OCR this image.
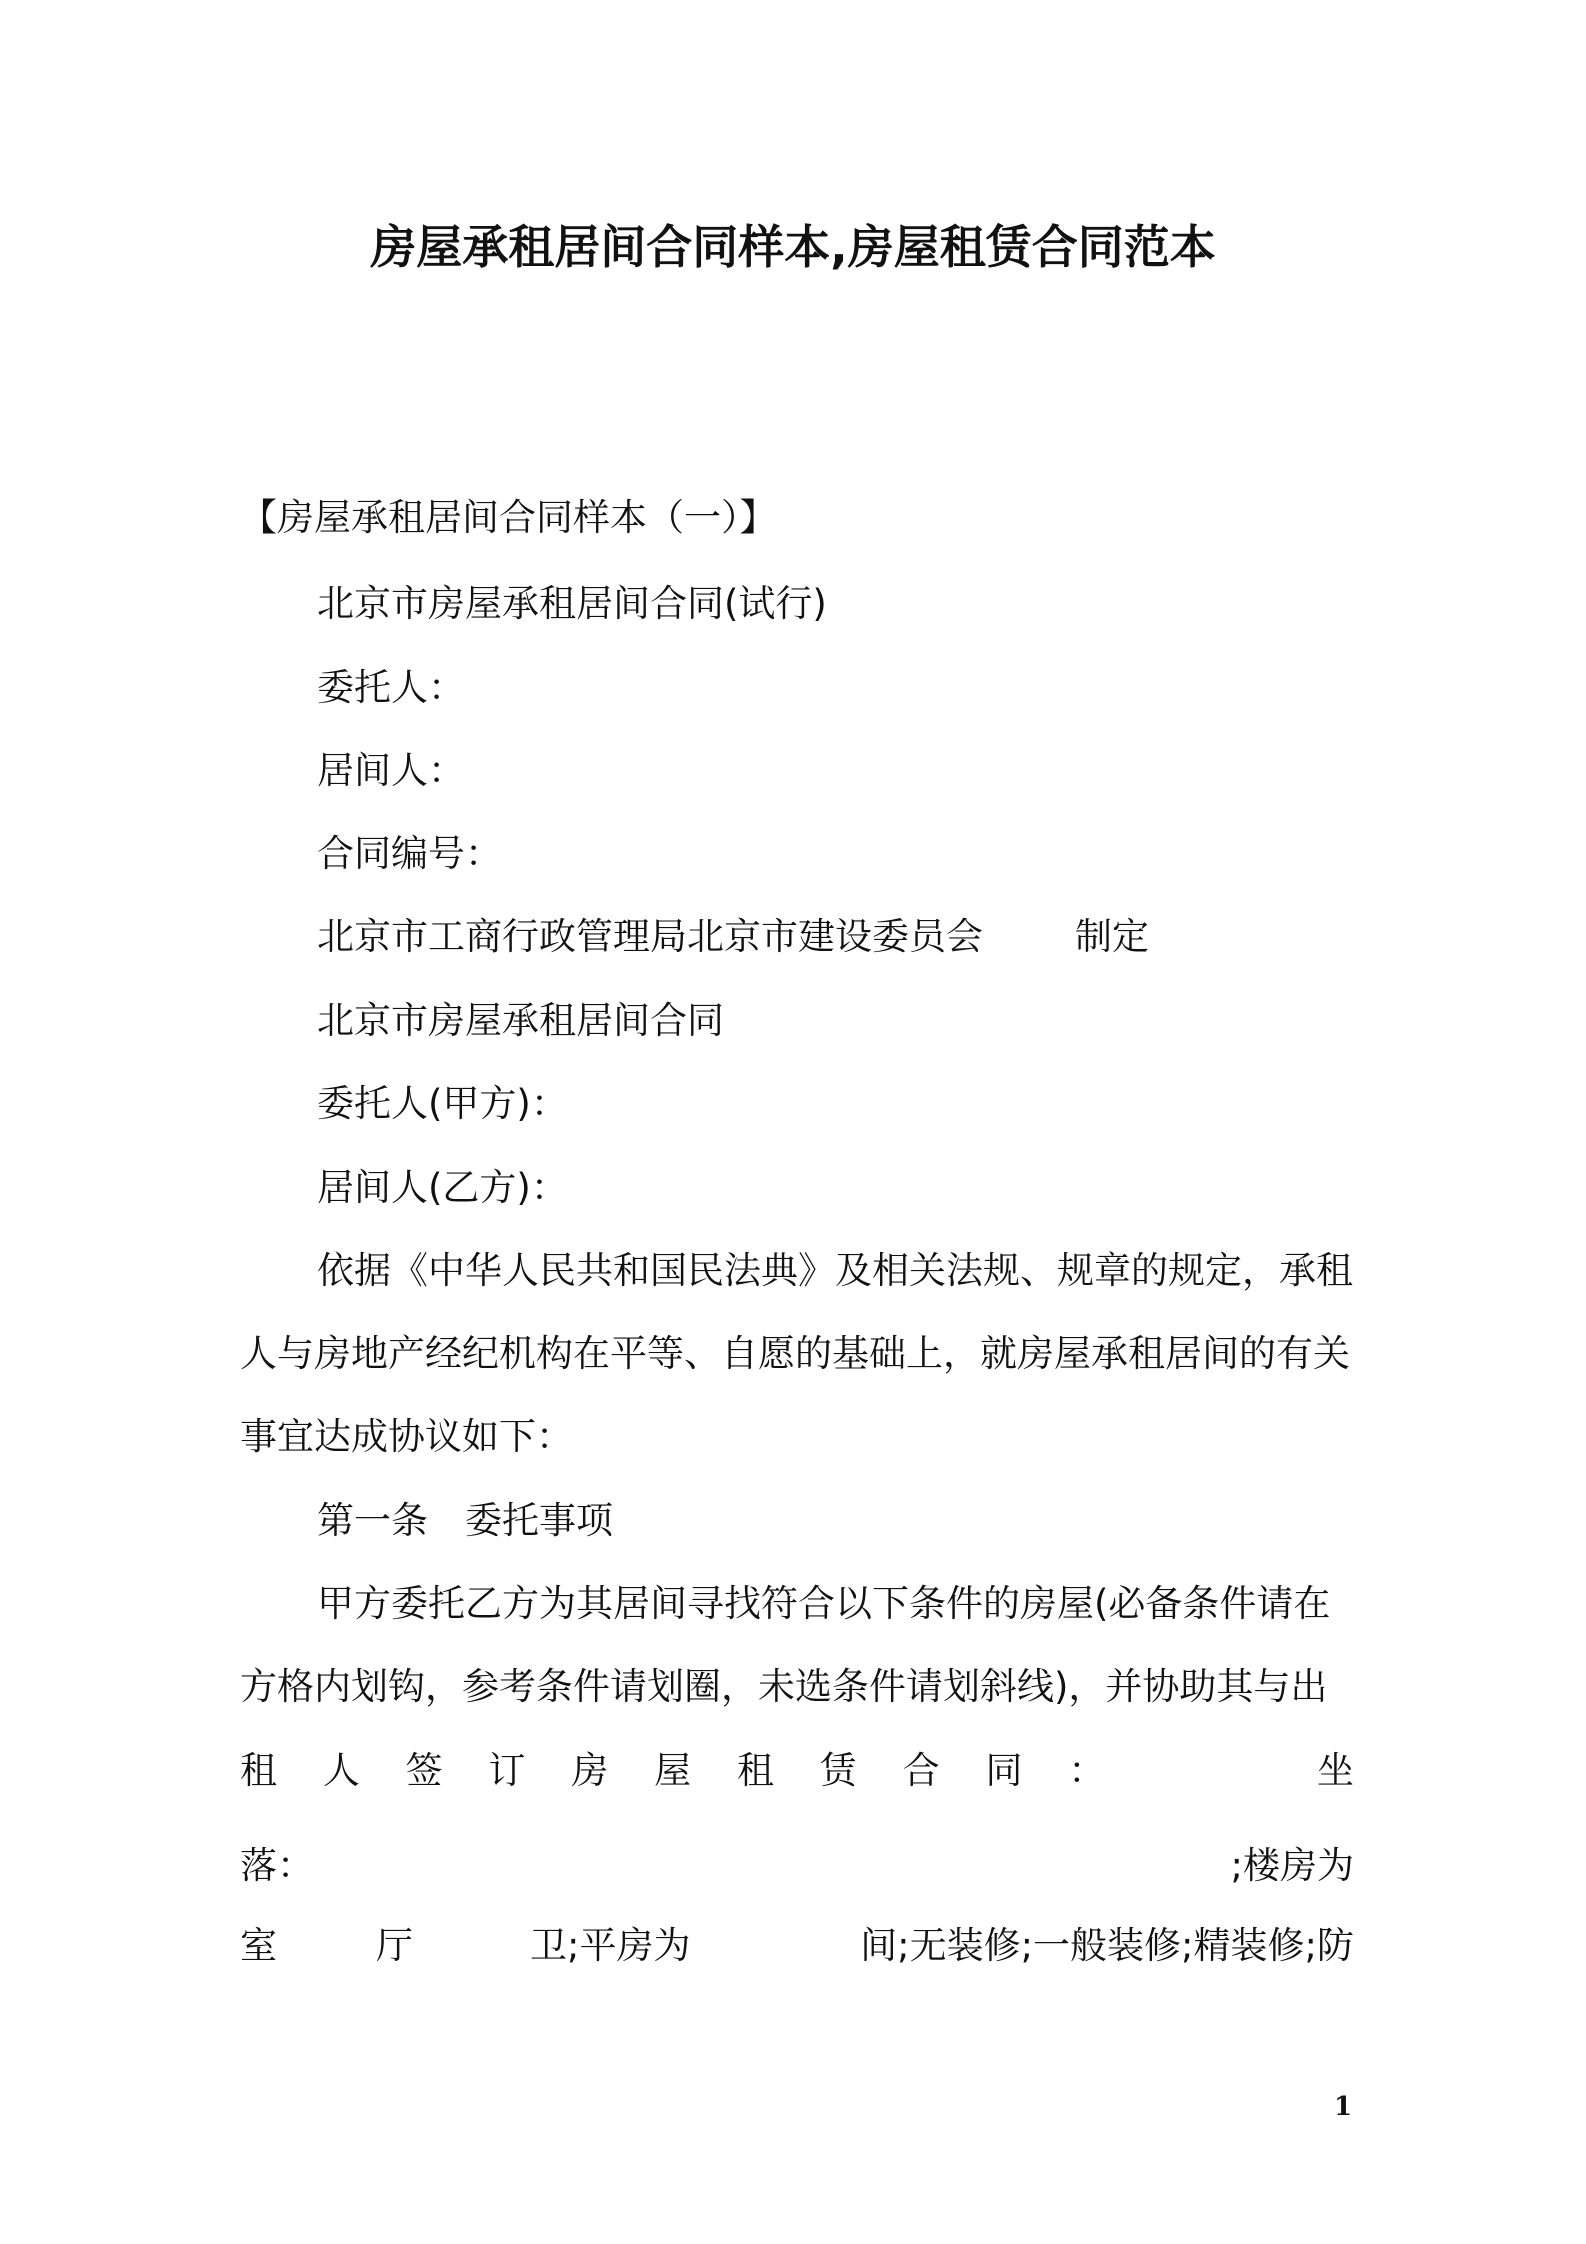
房屋承租居间合同样本,房屋租赁合同范本
【房屋承租居间合同样本（一）】
北京市房屋承租居间合同(试行)
委托人：
居间人：
合同编号：
北京市工商行政管理局北京市建设委员会 制定
北京市房屋承租居间合同
委托人(甲方)：
居间人(乙方)：
依据《中华人民共和国民法典》及相关法规、规章的规定，承租
人与房地产经纪机构在平等、自愿的基础上，就房屋承租居间的有关
事宜达成协议如下：
第一条　委托事项
甲方委托乙方为其居间寻找符合以下条件的房屋(必备条件请在
方格内划钩，参考条件请划圈，未选条件请划斜线)，并协助其与出
租 人 签 订 房 屋 租 赁 合 同 ：	坐
落：	;楼房为
室	厅	卫;平房为	间;无装修;一般装修;精装修;防
1
